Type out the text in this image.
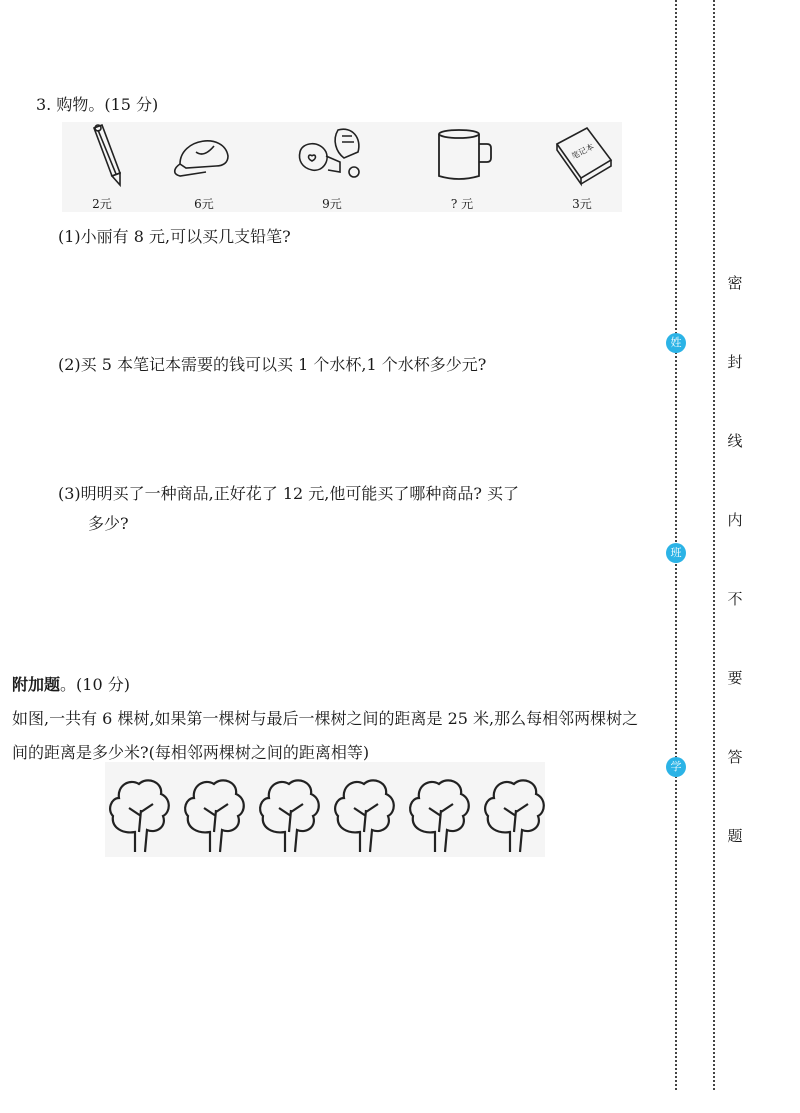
3. 购物。(15 分)
2元	6元	9元	? 元
笔记本
3元
(1)小丽有 8 元,可以买几支铅笔?
(2)买 5 本笔记本需要的钱可以买 1 个水杯,1 个水杯多少元?
(3)明明买了一种商品,正好花了 12 元,他可能买了哪种商品? 买了
多少?
附加题。(10 分)
如图,一共有 6 棵树,如果第一棵树与最后一棵树之间的距离是 25 米,那么每相邻两棵树之间的距离是多少米?(每相邻两棵树之间的距离相等)
姓
班
学
密
封
线
内
不
要
答
题
